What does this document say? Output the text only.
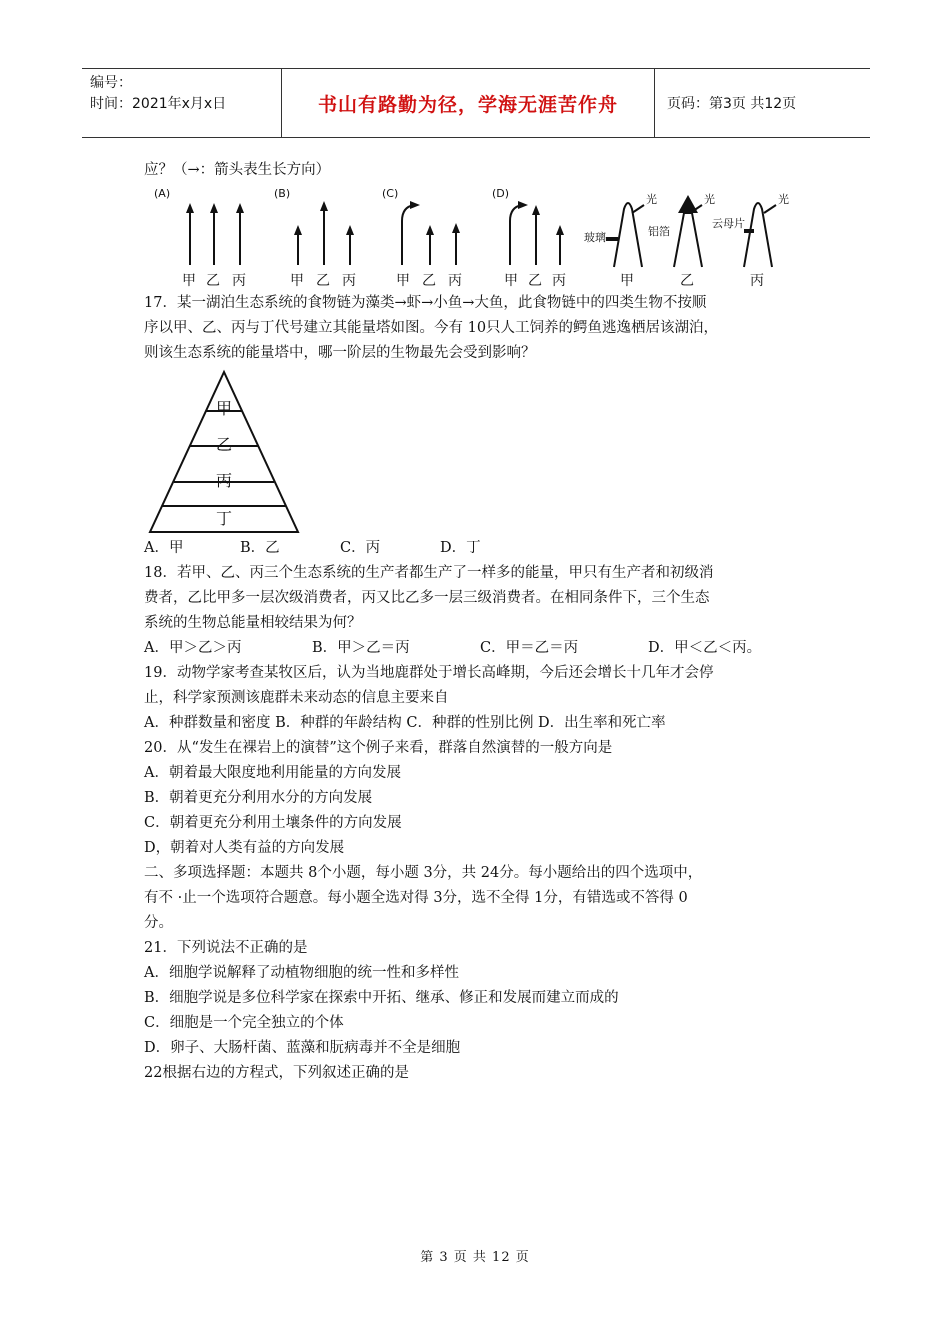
编号：
时间：2021年x月x日	书山有路勤为径，学海无涯苦作舟	页码：第3页 共12页
应？（→：箭头表生长方向）
(A)	(B)	(C)	(D)
甲 乙 丙	甲 乙 丙	甲 乙 丙	甲 乙 丙	甲	乙	丙
光	光	光
玻璃	铝箔
云母片
17．某一湖泊生态系统的食物链为藻类→虾→小鱼→大鱼，此食物链中的四类生物不按顺
序以甲、乙、丙与丁代号建立其能量塔如图。今有 10只人工饲养的鳄鱼逃逸栖居该湖泊，
则该生态系统的能量塔中，哪一阶层的生物最先会受到影响？
甲
乙
丙
丁
A．甲	B．乙	C．丙	D．丁
18．若甲、乙、丙三个生态系统的生产者都生产了一样多的能量，甲只有生产者和初级消
费者，乙比甲多一层次级消费者，丙又比乙多一层三级消费者。在相同条件下，三个生态
系统的生物总能量相较结果为何？
A．甲＞乙＞丙	B．甲＞乙＝丙	C．甲＝乙＝丙	D．甲＜乙＜丙。
19．动物学家考查某牧区后，认为当地鹿群处于增长高峰期，今后还会增长十几年才会停
止，科学家预测该鹿群未来动态的信息主要来自
A．种群数量和密度 B．种群的年龄结构 C．种群的性别比例 D．出生率和死亡率
20．从“发生在裸岩上的演替”这个例子来看，群落自然演替的一般方向是
A．朝着最大限度地利用能量的方向发展
B．朝着更充分利用水分的方向发展
C．朝着更充分利用土壤条件的方向发展
D，朝着对人类有益的方向发展
二、多项选择题：本题共 8个小题，每小题 3分，共 24分。每小题给出的四个选项中，
有不 ·止一个选项符合题意。每小题全选对得 3分，选不全得 1分，有错选或不答得 0
分。
21．下列说法不正确的是
A．细胞学说解释了动植物细胞的统一性和多样性
B．细胞学说是多位科学家在探索中开拓、继承、修正和发展而建立而成的
C．细胞是一个完全独立的个体
D．卵子、大肠杆菌、蓝藻和朊病毒并不全是细胞
22根据右边的方程式，下列叙述正确的是
第 3 页 共 12 页
